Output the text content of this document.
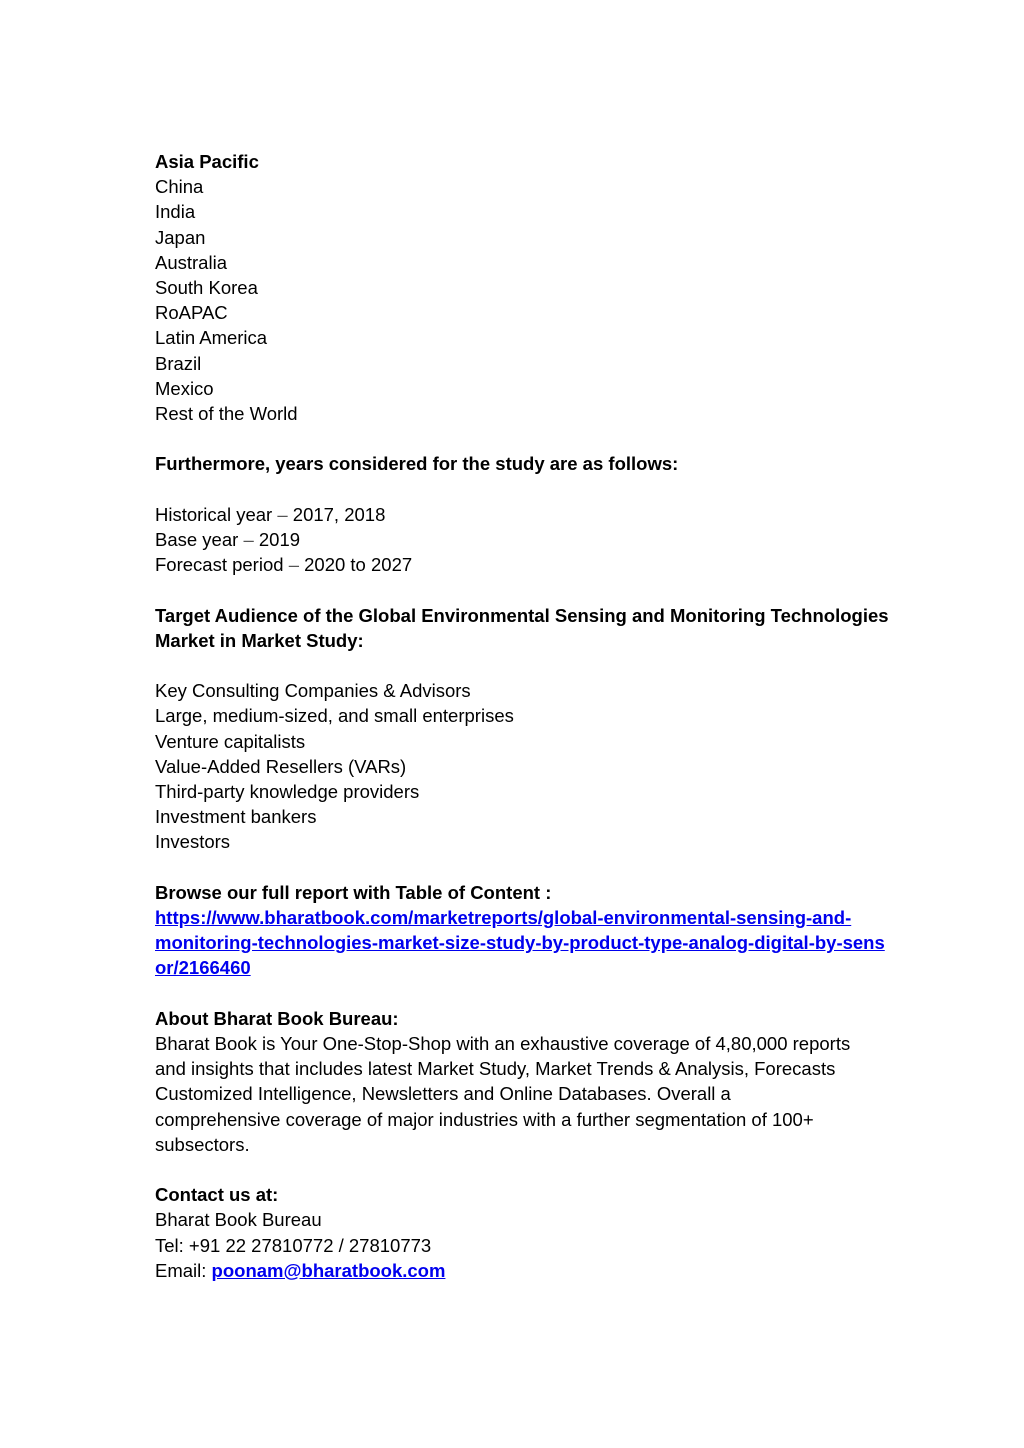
Asia Pacific
China
India
Japan
Australia
South Korea
RoAPAC
Latin America
Brazil
Mexico
Rest of the World
Furthermore, years considered for the study are as follows:
Historical year – 2017, 2018
Base year – 2019
Forecast period – 2020 to 2027
Target Audience of the Global Environmental Sensing and Monitoring Technologies
Market in Market Study:
Key Consulting Companies & Advisors
Large, medium-sized, and small enterprises
Venture capitalists
Value-Added Resellers (VARs)
Third-party knowledge providers
Investment bankers
Investors
Browse our full report with Table of Content :
https://www.bharatbook.com/marketreports/global-environmental-sensing-and-
monitoring-technologies-market-size-study-by-product-type-analog-digital-by-sens
or/2166460
About Bharat Book Bureau:
Bharat Book is Your One-Stop-Shop with an exhaustive coverage of 4,80,000 reports
and insights that includes latest Market Study, Market Trends & Analysis, Forecasts
Customized Intelligence, Newsletters and Online Databases. Overall a
comprehensive coverage of major industries with a further segmentation of 100+
subsectors.
Contact us at:
Bharat Book Bureau
Tel: +91 22 27810772 / 27810773
Email: poonam@bharatbook.com
